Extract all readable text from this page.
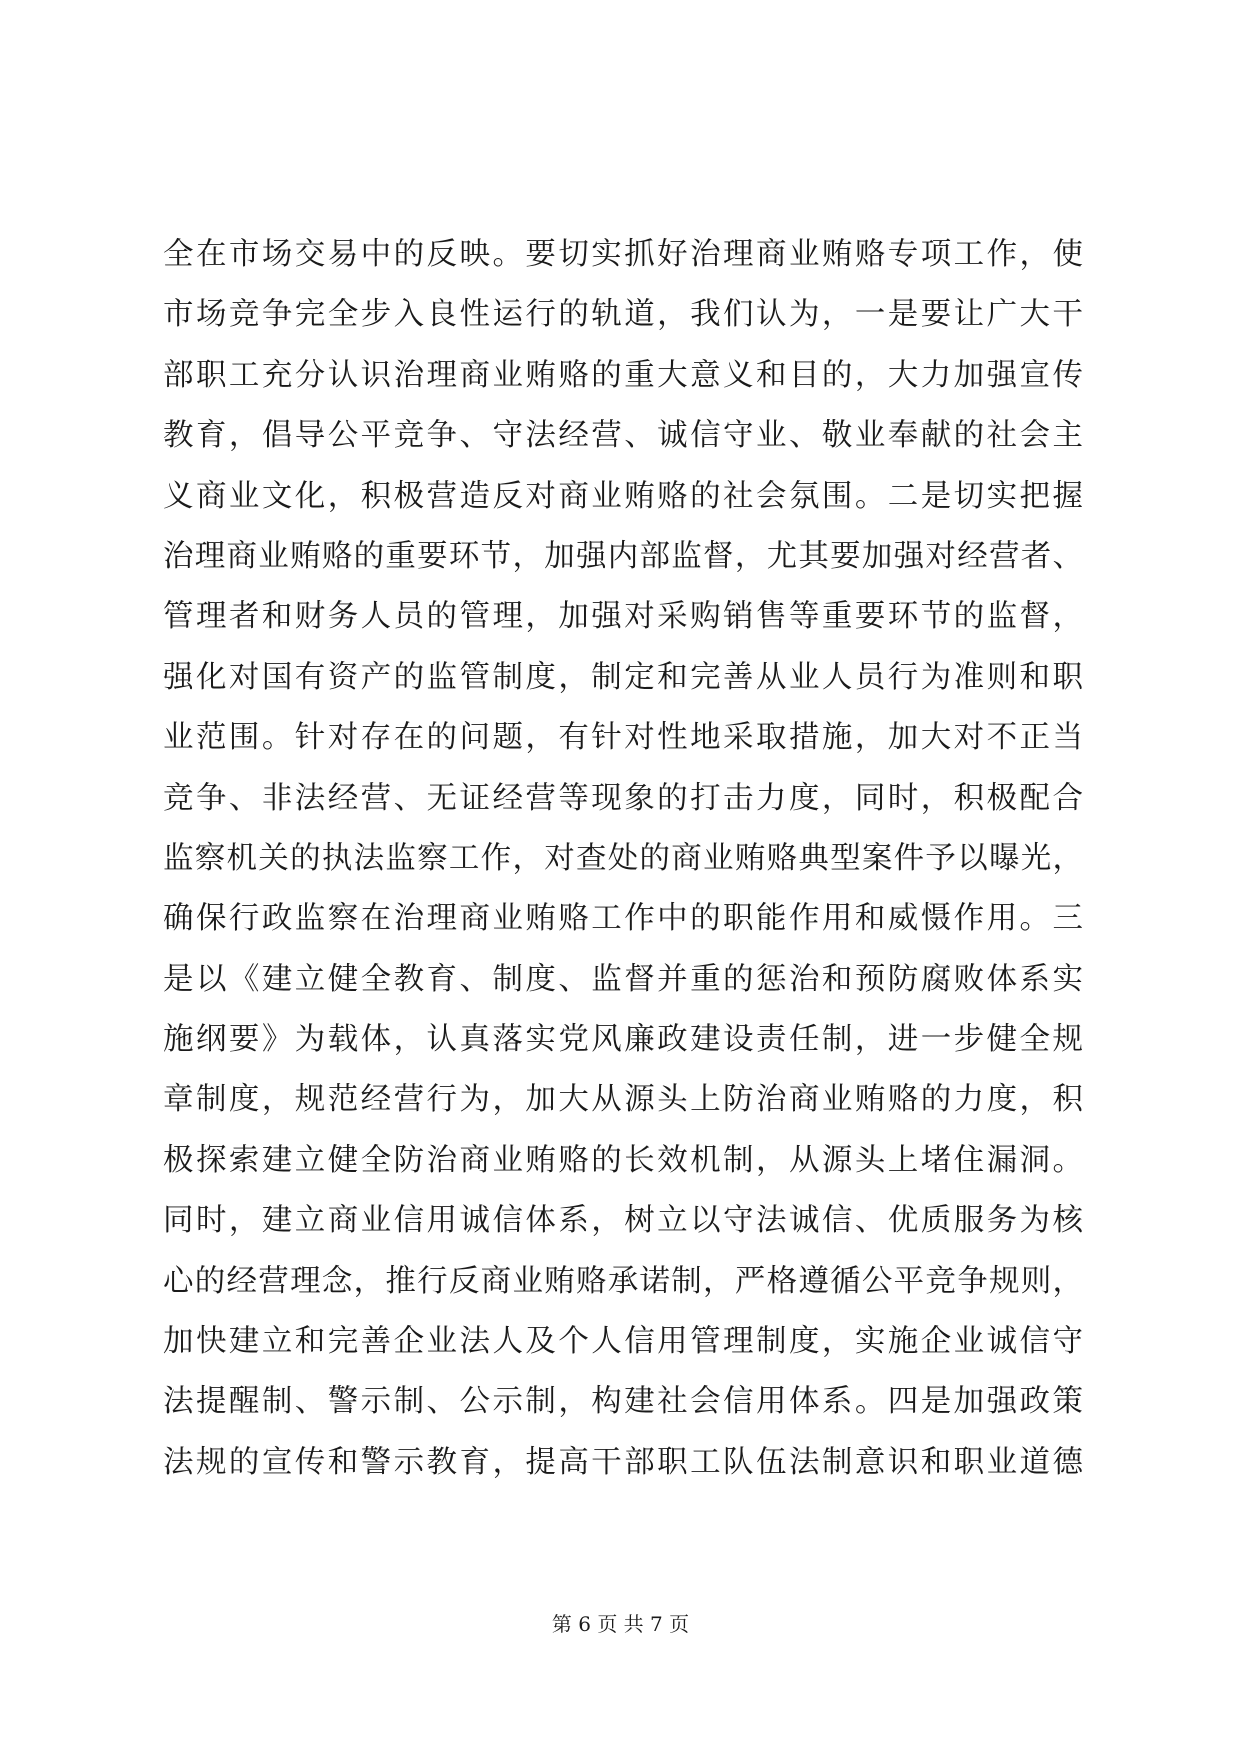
全在市场交易中的反映。要切实抓好治理商业贿赂专项工作，使
市场竞争完全步入良性运行的轨道，我们认为，一是要让广大干
部职工充分认识治理商业贿赂的重大意义和目的，大力加强宣传
教育，倡导公平竞争、守法经营、诚信守业、敬业奉献的社会主
义商业文化，积极营造反对商业贿赂的社会氛围。二是切实把握
治理商业贿赂的重要环节，加强内部监督，尤其要加强对经营者、
管理者和财务人员的管理，加强对采购销售等重要环节的监督，
强化对国有资产的监管制度，制定和完善从业人员行为准则和职
业范围。针对存在的问题，有针对性地采取措施，加大对不正当
竞争、非法经营、无证经营等现象的打击力度，同时，积极配合
监察机关的执法监察工作，对查处的商业贿赂典型案件予以曝光，
确保行政监察在治理商业贿赂工作中的职能作用和威慑作用。三
是以《建立健全教育、制度、监督并重的惩治和预防腐败体系实
施纲要》为载体，认真落实党风廉政建设责任制，进一步健全规
章制度，规范经营行为，加大从源头上防治商业贿赂的力度，积
极探索建立健全防治商业贿赂的长效机制，从源头上堵住漏洞。
同时，建立商业信用诚信体系，树立以守法诚信、优质服务为核
心的经营理念，推行反商业贿赂承诺制，严格遵循公平竞争规则，
加快建立和完善企业法人及个人信用管理制度，实施企业诚信守
法提醒制、警示制、公示制，构建社会信用体系。四是加强政策
法规的宣传和警示教育，提高干部职工队伍法制意识和职业道德
第 6 页 共 7 页
